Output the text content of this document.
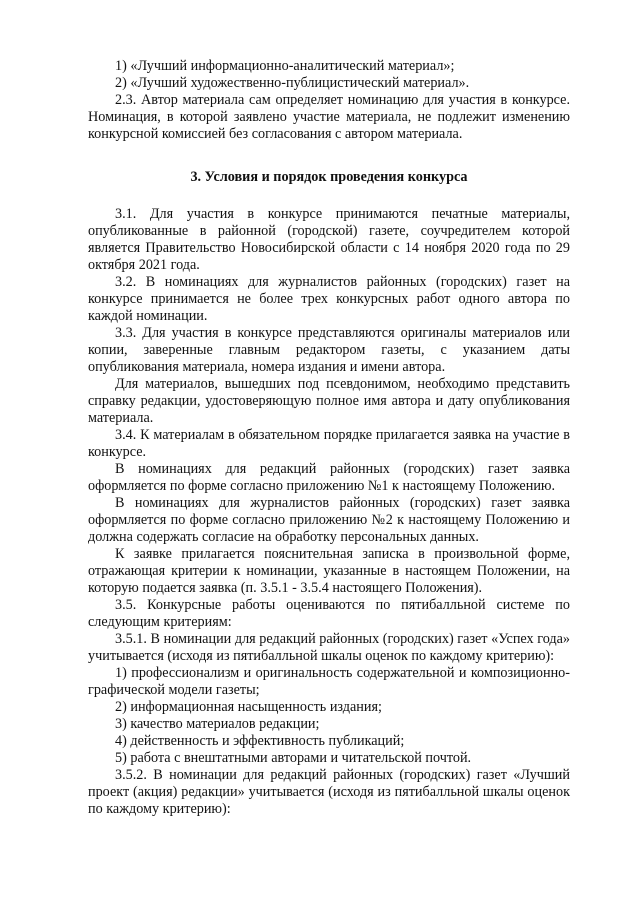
1) «Лучший информационно-аналитический материал»;
2) «Лучший художественно-публицистический материал».
2.3. Автор материала сам определяет номинацию для участия в конкурсе. Номинация, в которой заявлено участие материала, не подлежит изменению конкурсной комиссией без согласования с автором материала.
3. Условия и порядок проведения конкурса
3.1. Для участия в конкурсе принимаются печатные материалы, опубликованные в районной (городской) газете, соучредителем которой является Правительство Новосибирской области с 14 ноября 2020 года по 29 октября 2021 года.
3.2. В номинациях для журналистов районных (городских) газет на конкурсе принимается не более трех конкурсных работ одного автора по каждой номинации.
3.3. Для участия в конкурсе представляются оригиналы материалов или копии, заверенные главным редактором газеты, с указанием даты опубликования материала, номера издания и имени автора.
Для материалов, вышедших под псевдонимом, необходимо представить справку редакции, удостоверяющую полное имя автора и дату опубликования материала.
3.4. К материалам в обязательном порядке прилагается заявка на участие в конкурсе.
В номинациях для редакций районных (городских) газет заявка оформляется по форме согласно приложению №1 к настоящему Положению.
В номинациях для журналистов районных (городских) газет заявка оформляется по форме согласно приложению №2 к настоящему Положению и должна содержать согласие на обработку персональных данных.
К заявке прилагается пояснительная записка в произвольной форме, отражающая критерии к номинации, указанные в настоящем Положении, на которую подается заявка (п. 3.5.1 - 3.5.4 настоящего Положения).
3.5. Конкурсные работы оцениваются по пятибалльной системе по следующим критериям:
3.5.1. В номинации для редакций районных (городских) газет «Успех года» учитывается (исходя из пятибалльной шкалы оценок по каждому критерию):
1) профессионализм и оригинальность содержательной и композиционно-графической модели газеты;
2) информационная насыщенность издания;
3) качество материалов редакции;
4) действенность и эффективность публикаций;
5) работа с внештатными авторами и читательской почтой.
3.5.2. В номинации для редакций районных (городских) газет «Лучший проект (акция) редакции» учитывается (исходя из пятибалльной шкалы оценок по каждому критерию):
